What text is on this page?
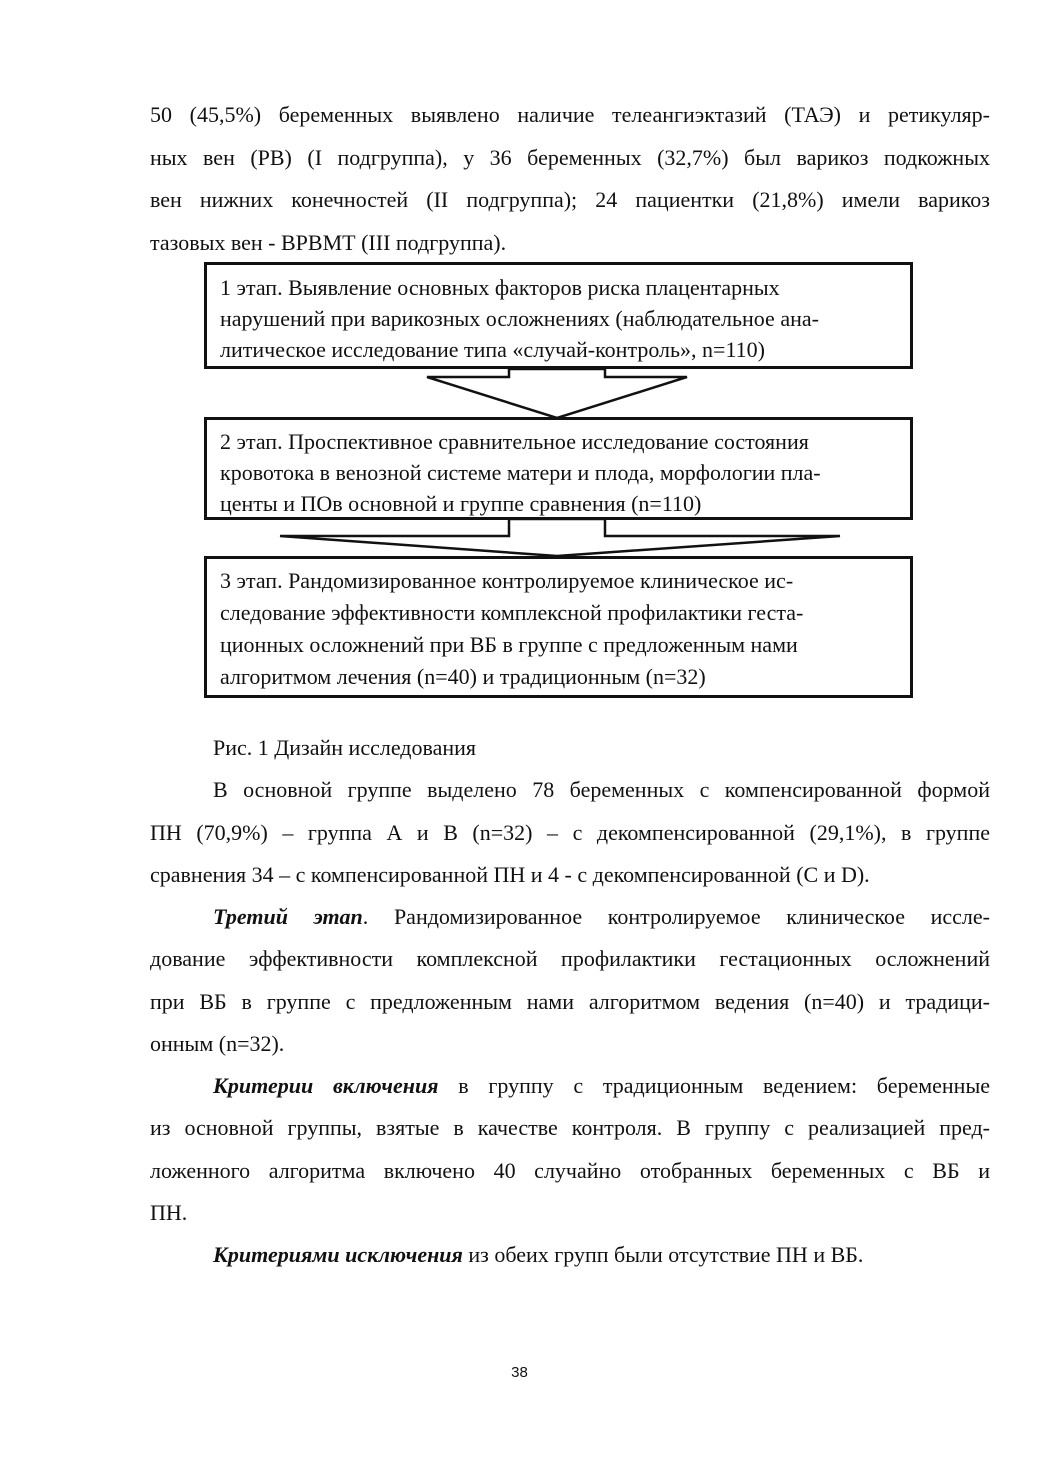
50 (45,5%) беременных выявлено наличие телеангиэктазий (ТАЭ) и ретикуляр-
ных вен (РВ) (I подгруппа), у 36 беременных (32,7%) был варикоз подкожных
вен нижних конечностей (II подгруппа); 24 пациентки (21,8%) имели варикоз
тазовых вен - ВРВМТ (III подгруппа).
1 этап. Выявление основных факторов риска плацентарных
нарушений при варикозных осложнениях (наблюдательное ана-
литическое исследование типа «случай-контроль», n=110)
2 этап. Проспективное сравнительное исследование состояния
кровотока в венозной системе матери и плода, морфологии пла-
центы и ПОв основной и группе сравнения (n=110)
3 этап. Рандомизированное контролируемое клиническое ис-
следование эффективности комплексной профилактики геста-
ционных осложнений при ВБ в группе с предложенным нами
алгоритмом лечения (n=40) и традиционным (n=32)
Рис. 1 Дизайн исследования
В основной группе выделено 78 беременных с компенсированной формой
ПН (70,9%) – группа А и В (n=32) – с декомпенсированной (29,1%), в группе
сравнения 34 – с компенсированной ПН и 4 - с декомпенсированной (C и D).
Третий этап. Рандомизированное контролируемое клиническое иссле-
дование эффективности комплексной профилактики гестационных осложнений
при ВБ в группе с предложенным нами алгоритмом ведения (n=40) и традици-
онным (n=32).
Критерии включения в группу с традиционным ведением: беременные
из основной группы, взятые в качестве контроля. В группу с реализацией пред-
ложенного алгоритма включено 40 случайно отобранных беременных с ВБ и
ПН.
Критериями исключения из обеих групп были отсутствие ПН и ВБ.
38
